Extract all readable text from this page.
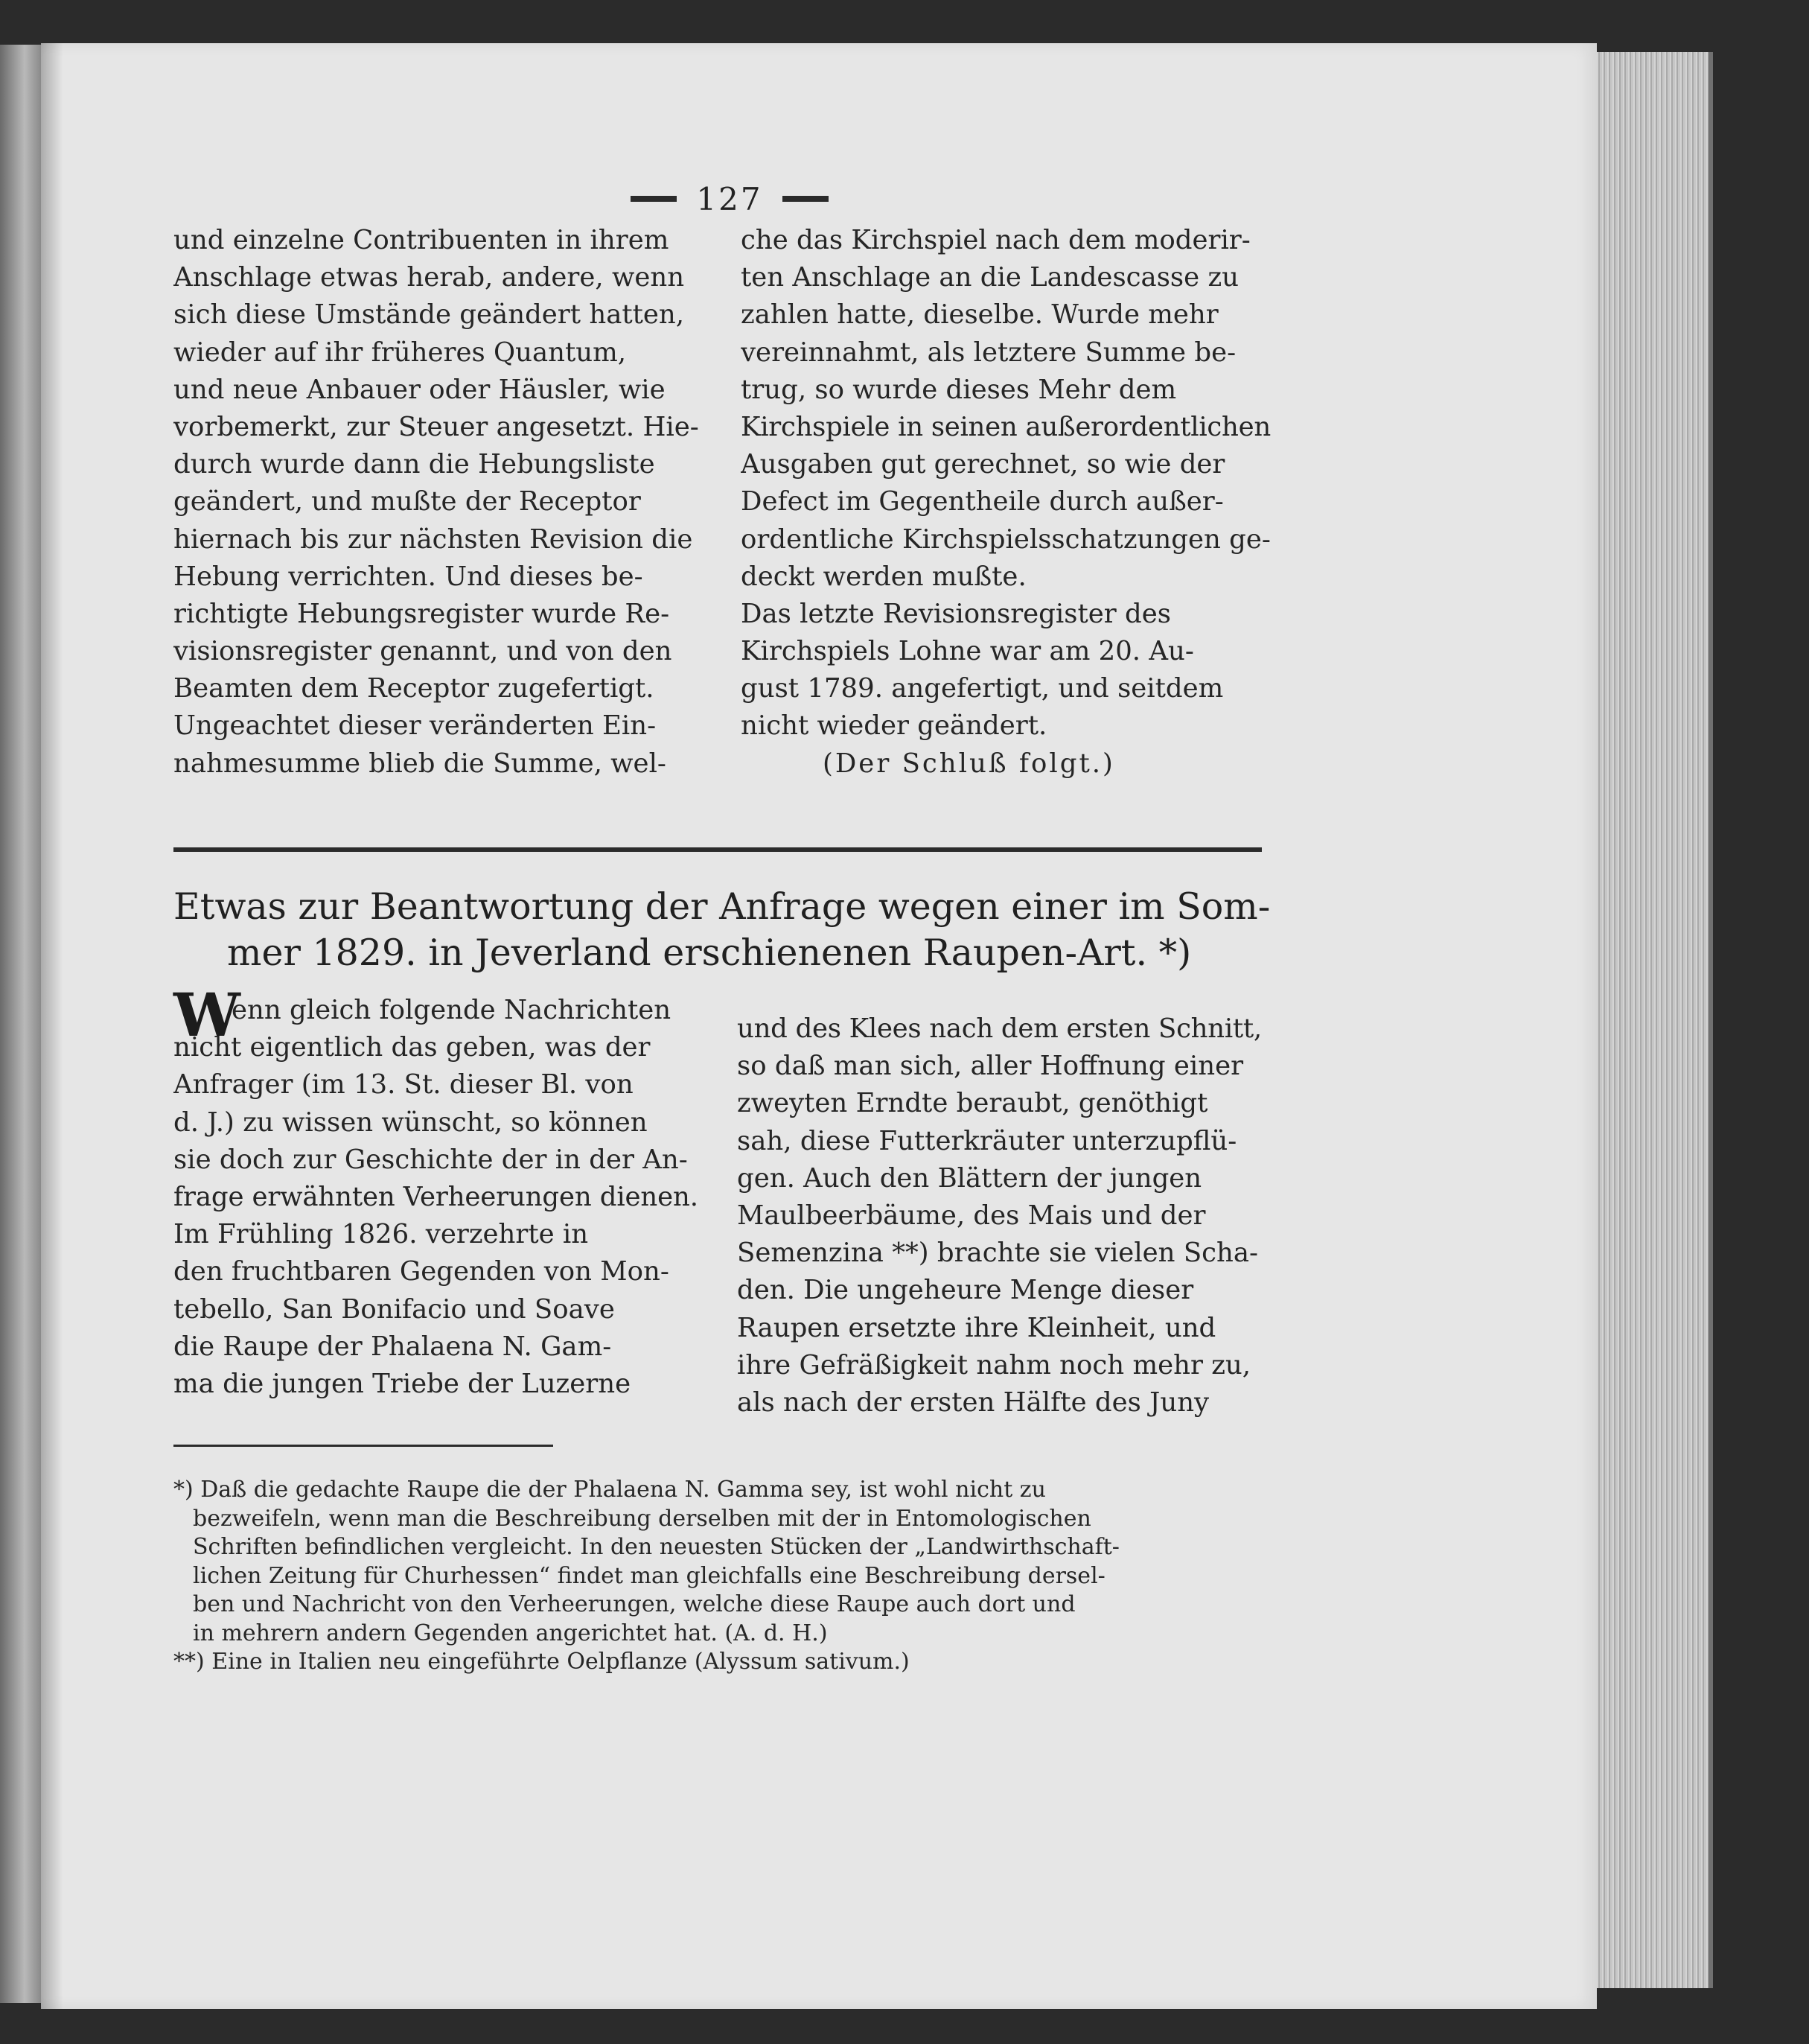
127
und einzelne Contribuenten in ihrem
Anschlage etwas herab, andere, wenn
sich diese Umstände geändert hatten,
wieder auf ihr früheres Quantum,
und neue Anbauer oder Häusler, wie
vorbemerkt, zur Steuer angesetzt. Hie-
durch wurde dann die Hebungsliste
geändert, und mußte der Receptor
hiernach bis zur nächsten Revision die
Hebung verrichten. Und dieses be-
richtigte Hebungsregister wurde Re-
visionsregister genannt, und von den
Beamten dem Receptor zugefertigt.
Ungeachtet dieser veränderten Ein-
nahmesumme blieb die Summe, wel-
che das Kirchspiel nach dem moderir-
ten Anschlage an die Landescasse zu
zahlen hatte, dieselbe. Wurde mehr
vereinnahmt, als letztere Summe be-
trug, so wurde dieses Mehr dem
Kirchspiele in seinen außerordentlichen
Ausgaben gut gerechnet, so wie der
Defect im Gegentheile durch außer-
ordentliche Kirchspielsschatzungen ge-
deckt werden mußte.
Das letzte Revisionsregister des
Kirchspiels Lohne war am 20. Au-
gust 1789. angefertigt, und seitdem
nicht wieder geändert.
(Der Schluß folgt.)
Etwas zur Beantwortung der Anfrage wegen einer im Som-
mer 1829. in Jeverland erschienenen Raupen-Art. *)
W
enn gleich folgende Nachrichten
nicht eigentlich das geben, was der
Anfrager (im 13. St. dieser Bl. von
d. J.) zu wissen wünscht, so können
sie doch zur Geschichte der in der An-
frage erwähnten Verheerungen dienen.
Im Frühling 1826. verzehrte in
den fruchtbaren Gegenden von Mon-
tebello, San Bonifacio und Soave
die Raupe der Phalaena N. Gam-
ma die jungen Triebe der Luzerne
und des Klees nach dem ersten Schnitt,
so daß man sich, aller Hoffnung einer
zweyten Erndte beraubt, genöthigt
sah, diese Futterkräuter unterzupflü-
gen. Auch den Blättern der jungen
Maulbeerbäume, des Mais und der
Semenzina **) brachte sie vielen Scha-
den. Die ungeheure Menge dieser
Raupen ersetzte ihre Kleinheit, und
ihre Gefräßigkeit nahm noch mehr zu,
als nach der ersten Hälfte des Juny
*) Daß die gedachte Raupe die der Phalaena N. Gamma sey, ist wohl nicht zu
bezweifeln, wenn man die Beschreibung derselben mit der in Entomologischen
Schriften befindlichen vergleicht. In den neuesten Stücken der „Landwirthschaft-
lichen Zeitung für Churhessen“ findet man gleichfalls eine Beschreibung dersel-
ben und Nachricht von den Verheerungen, welche diese Raupe auch dort und
in mehrern andern Gegenden angerichtet hat. (A. d. H.)
**) Eine in Italien neu eingeführte Oelpflanze (Alyssum sativum.)
